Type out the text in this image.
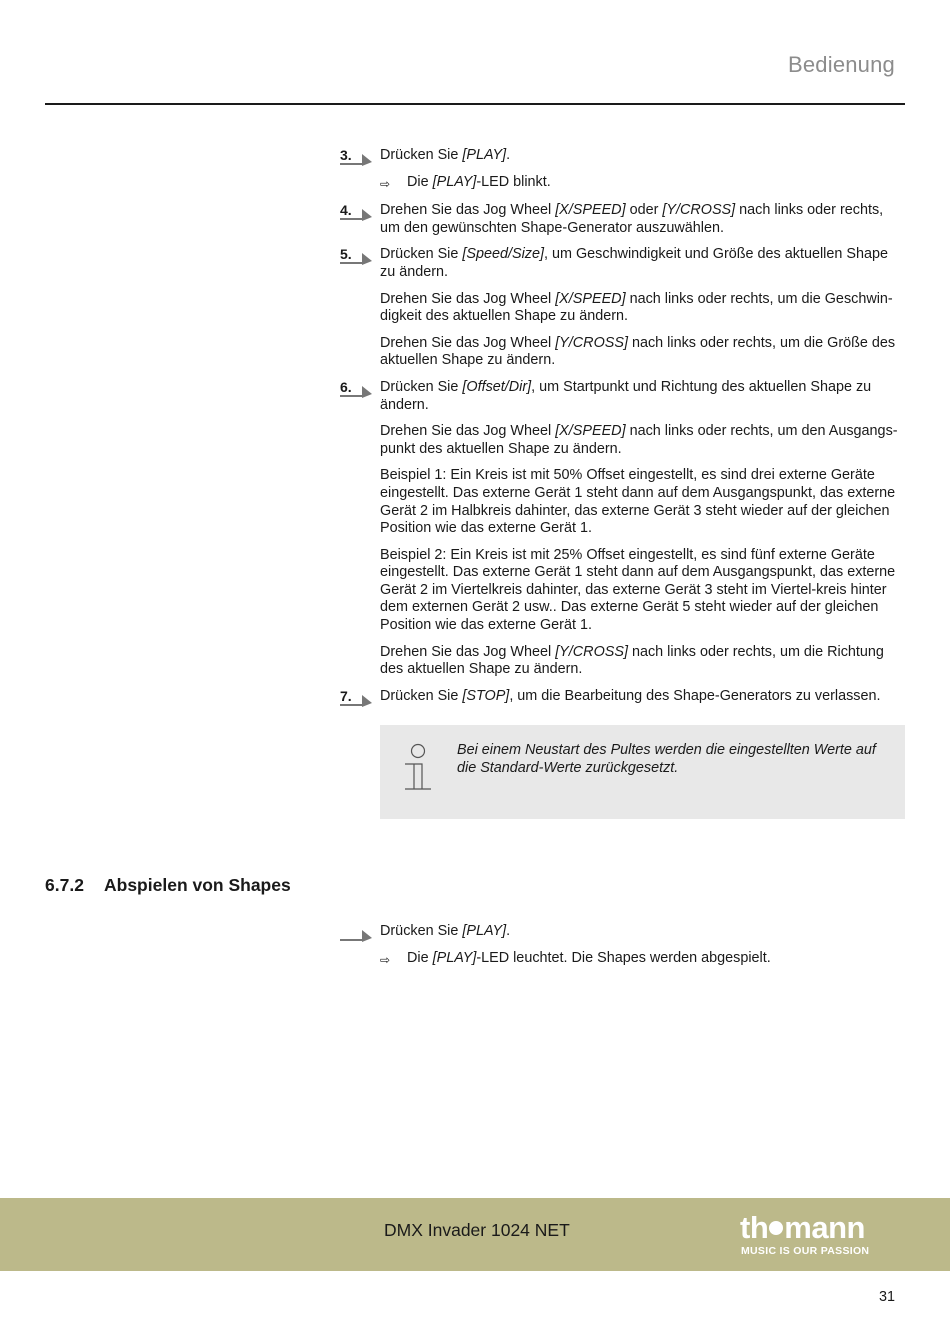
Bedienung
3. Drücken Sie [PLAY].
⇨ Die [PLAY]-LED blinkt.
4. Drehen Sie das Jog Wheel [X/SPEED] oder [Y/CROSS] nach links oder rechts, um den gewünschten Shape-Generator auszuwählen.
5. Drücken Sie [Speed/Size], um Geschwindigkeit und Größe des aktuellen Shape zu ändern.
Drehen Sie das Jog Wheel [X/SPEED] nach links oder rechts, um die Geschwin-digkeit des aktuellen Shape zu ändern.
Drehen Sie das Jog Wheel [Y/CROSS] nach links oder rechts, um die Größe des aktuellen Shape zu ändern.
6. Drücken Sie [Offset/Dir], um Startpunkt und Richtung des aktuellen Shape zu ändern.
Drehen Sie das Jog Wheel [X/SPEED] nach links oder rechts, um den Ausgangs-punkt des aktuellen Shape zu ändern.
Beispiel 1: Ein Kreis ist mit 50% Offset eingestellt, es sind drei externe Geräte eingestellt. Das externe Gerät 1 steht dann auf dem Ausgangspunkt, das externe Gerät 2 im Halbkreis dahinter, das externe Gerät 3 steht wieder auf der gleichen Position wie das externe Gerät 1.
Beispiel 2: Ein Kreis ist mit 25% Offset eingestellt, es sind fünf externe Geräte eingestellt. Das externe Gerät 1 steht dann auf dem Ausgangspunkt, das externe Gerät 2 im Viertelkreis dahinter, das externe Gerät 3 steht im Viertel-kreis hinter dem externen Gerät 2 usw.. Das externe Gerät 5 steht wieder auf der gleichen Position wie das externe Gerät 1.
Drehen Sie das Jog Wheel [Y/CROSS] nach links oder rechts, um die Richtung des aktuellen Shape zu ändern.
7. Drücken Sie [STOP], um die Bearbeitung des Shape-Generators zu verlassen.
Bei einem Neustart des Pultes werden die eingestellten Werte auf die Standard-Werte zurückgesetzt.
6.7.2 Abspielen von Shapes
Drücken Sie [PLAY].
⇨ Die [PLAY]-LED leuchtet. Die Shapes werden abgespielt.
DMX Invader 1024 NET	th mann
MUSIC IS OUR PASSION
31
